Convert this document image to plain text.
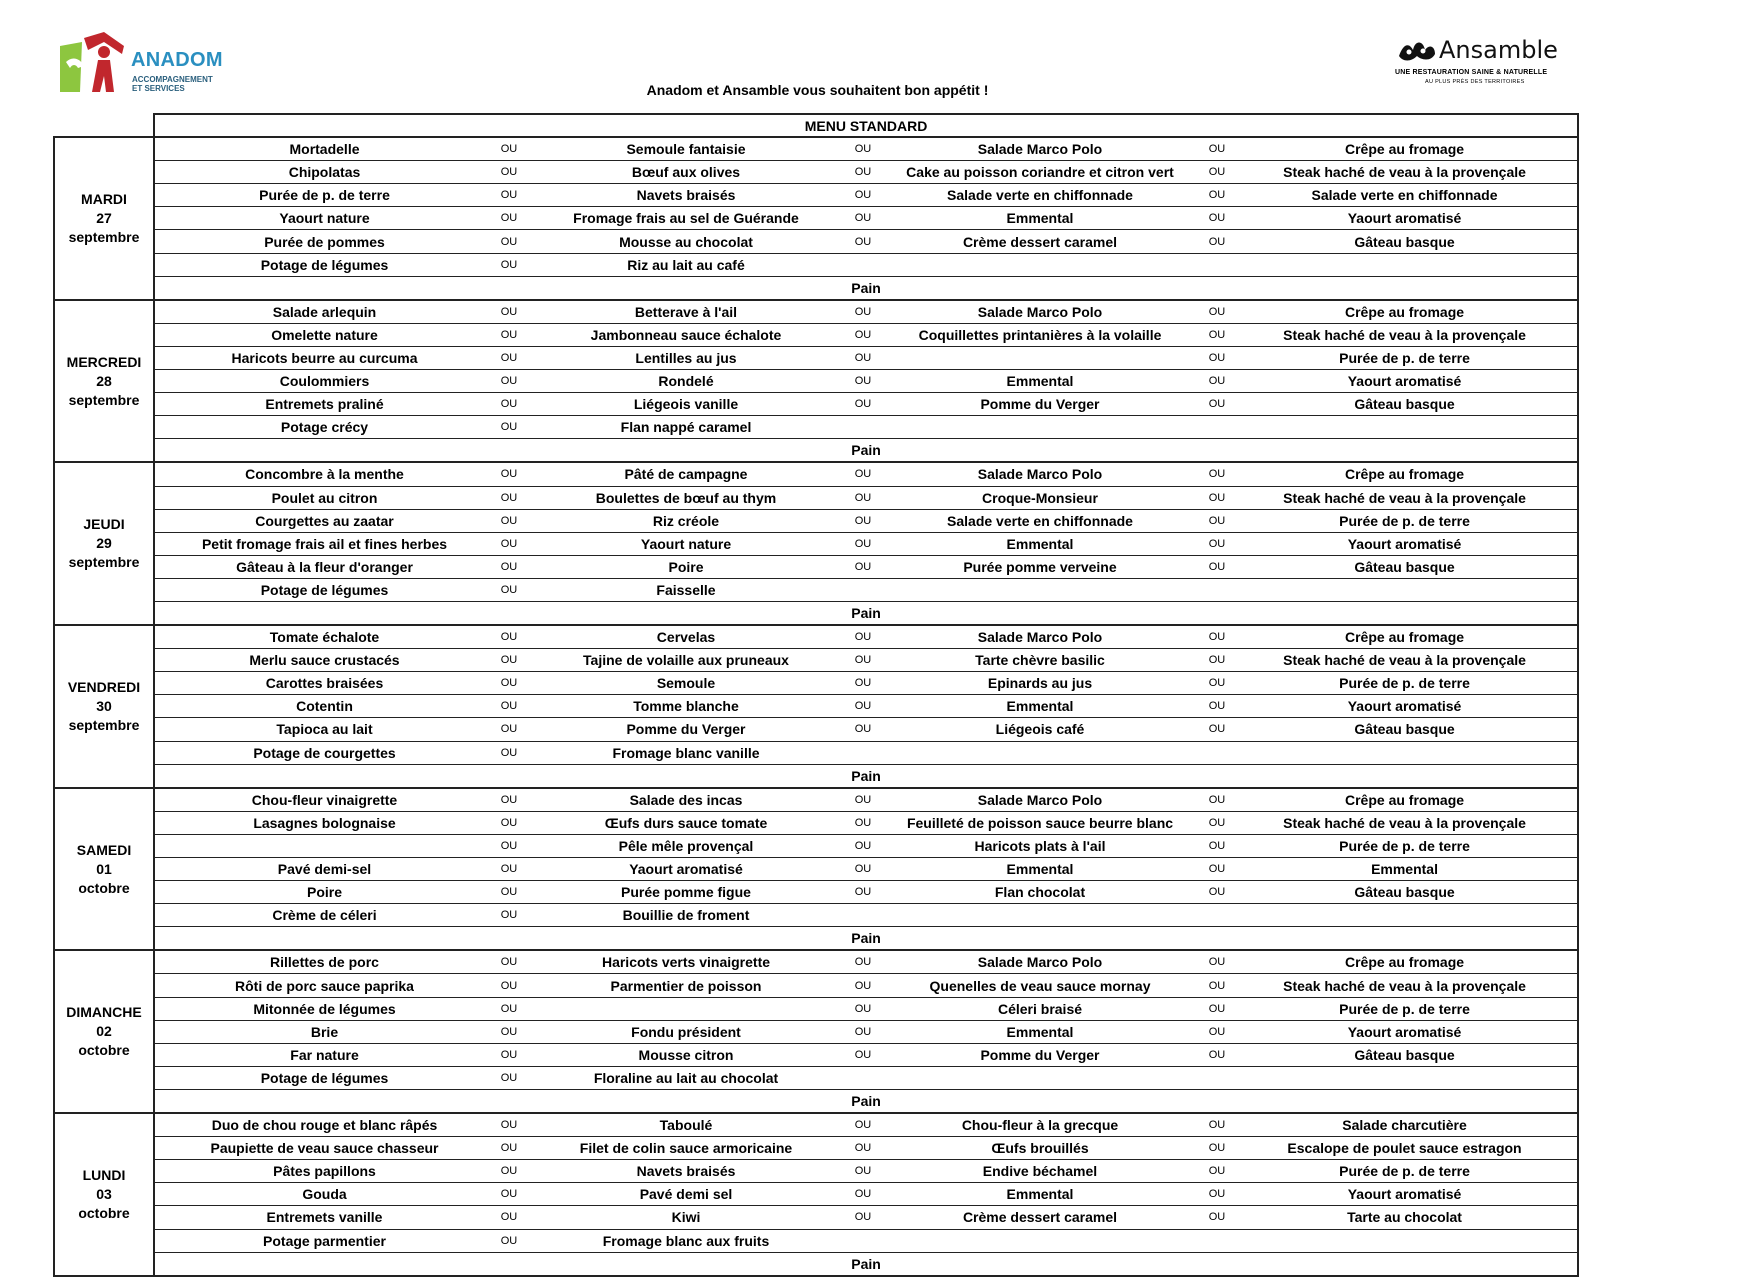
ANADOM
ACCOMPAGNEMENT
ET SERVICES
Ansamble
UNE RESTAURATION SAINE & NATURELLE
AU PLUS PRÈS DES TERRITOIRES
Anadom et Ansamble vous souhaitent bon appétit !
	MENU STANDARD						

MARDI
27
septembre	Mortadelle	OU	Semoule fantaisie	OU	Salade Marco Polo	OU	Crêpe au fromage
	Chipolatas	OU	Bœuf aux olives	OU	Cake au poisson coriandre et citron vert	OU	Steak haché de veau à la provençale
	Purée de p. de terre	OU	Navets braisés	OU	Salade verte en chiffonnade	OU	Salade verte en chiffonnade
	Yaourt nature	OU	Fromage frais au sel de Guérande	OU	Emmental	OU	Yaourt aromatisé
	Purée de pommes	OU	Mousse au chocolat	OU	Crème dessert caramel	OU	Gâteau basque
	Potage de légumes	OU	Riz au lait au café				
	Pain						

MERCREDI
28
septembre	Salade arlequin	OU	Betterave à l'ail	OU	Salade Marco Polo	OU	Crêpe au fromage
	Omelette nature	OU	Jambonneau sauce échalote	OU	Coquillettes printanières à la volaille	OU	Steak haché de veau à la provençale
	Haricots beurre au curcuma	OU	Lentilles au jus	OU		OU	Purée de p. de terre
	Coulommiers	OU	Rondelé	OU	Emmental	OU	Yaourt aromatisé
	Entremets praliné	OU	Liégeois vanille	OU	Pomme du Verger	OU	Gâteau basque
	Potage crécy	OU	Flan nappé caramel				
	Pain						

JEUDI
29
septembre	Concombre à la menthe	OU	Pâté de campagne	OU	Salade Marco Polo	OU	Crêpe au fromage
	Poulet au citron	OU	Boulettes de bœuf au thym	OU	Croque-Monsieur	OU	Steak haché de veau à la provençale
	Courgettes au zaatar	OU	Riz créole	OU	Salade verte en chiffonnade	OU	Purée de p. de terre
	Petit fromage frais ail et fines herbes	OU	Yaourt nature	OU	Emmental	OU	Yaourt aromatisé
	Gâteau à la fleur d'oranger	OU	Poire	OU	Purée pomme verveine	OU	Gâteau basque
	Potage de légumes	OU	Faisselle				
	Pain						

VENDREDI
30
septembre	Tomate échalote	OU	Cervelas	OU	Salade Marco Polo	OU	Crêpe au fromage
	Merlu sauce crustacés	OU	Tajine de volaille aux pruneaux	OU	Tarte chèvre basilic	OU	Steak haché de veau à la provençale
	Carottes braisées	OU	Semoule	OU	Epinards au jus	OU	Purée de p. de terre
	Cotentin	OU	Tomme blanche	OU	Emmental	OU	Yaourt aromatisé
	Tapioca au lait	OU	Pomme du Verger	OU	Liégeois café	OU	Gâteau basque
	Potage de courgettes	OU	Fromage blanc vanille				
	Pain						

SAMEDI
01
octobre	Chou-fleur vinaigrette	OU	Salade des incas	OU	Salade Marco Polo	OU	Crêpe au fromage
	Lasagnes bolognaise	OU	Œufs durs sauce tomate	OU	Feuilleté de poisson sauce beurre blanc	OU	Steak haché de veau à la provençale
		OU	Pêle mêle provençal	OU	Haricots plats à l'ail	OU	Purée de p. de terre
	Pavé demi-sel	OU	Yaourt aromatisé	OU	Emmental	OU	Emmental
	Poire	OU	Purée pomme figue	OU	Flan chocolat	OU	Gâteau basque
	Crème de céleri	OU	Bouillie de froment				
	Pain						

DIMANCHE
02
octobre	Rillettes de porc	OU	Haricots verts vinaigrette	OU	Salade Marco Polo	OU	Crêpe au fromage
	Rôti de porc sauce paprika	OU	Parmentier de poisson	OU	Quenelles de veau sauce mornay	OU	Steak haché de veau à la provençale
	Mitonnée de légumes	OU		OU	Céleri braisé	OU	Purée de p. de terre
	Brie	OU	Fondu président	OU	Emmental	OU	Yaourt aromatisé
	Far nature	OU	Mousse citron	OU	Pomme du Verger	OU	Gâteau basque
	Potage de légumes	OU	Floraline au lait au chocolat				
	Pain						

LUNDI
03
octobre	Duo de chou rouge et blanc râpés	OU	Taboulé	OU	Chou-fleur à la grecque	OU	Salade charcutière
	Paupiette de veau sauce chasseur	OU	Filet de colin sauce armoricaine	OU	Œufs brouillés	OU	Escalope de poulet sauce estragon
	Pâtes papillons	OU	Navets braisés	OU	Endive béchamel	OU	Purée de p. de terre
	Gouda	OU	Pavé demi sel	OU	Emmental	OU	Yaourt aromatisé
	Entremets vanille	OU	Kiwi	OU	Crème dessert caramel	OU	Tarte au chocolat
	Potage parmentier	OU	Fromage blanc aux fruits				
	Pain						
